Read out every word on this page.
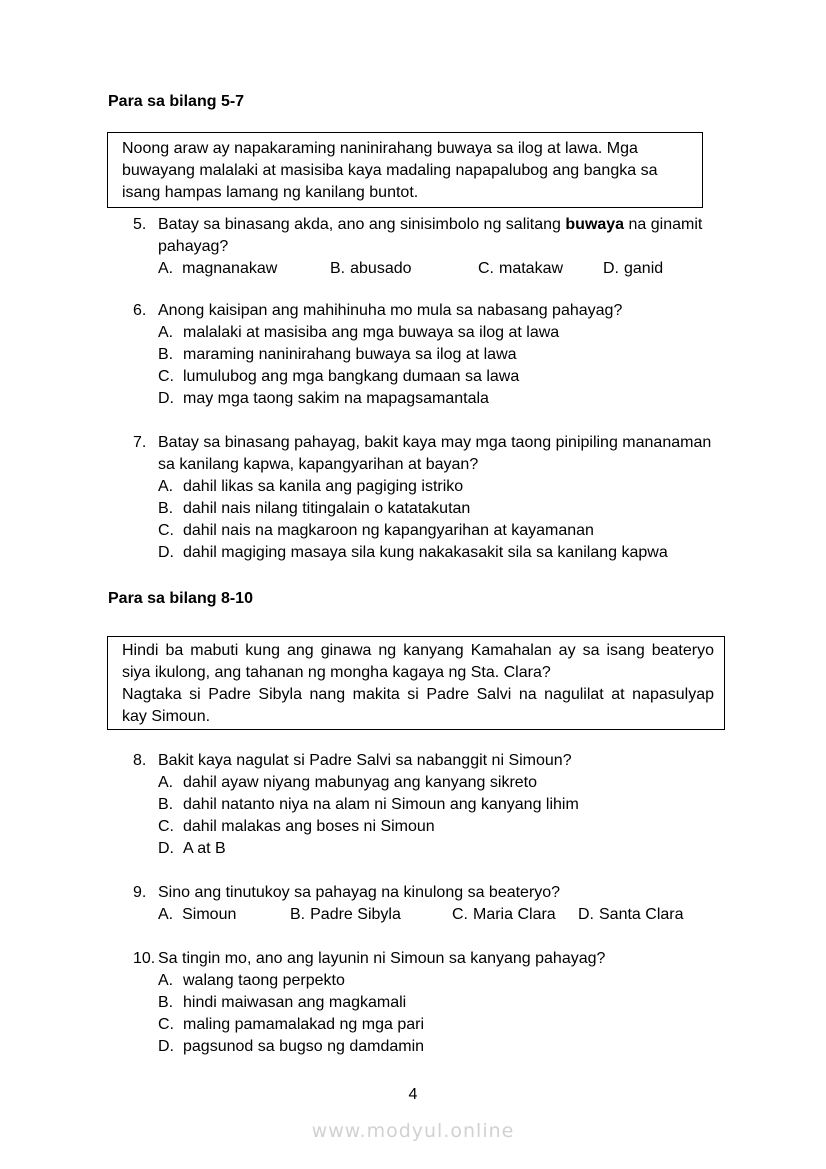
Para sa bilang 5-7
Noong araw ay napakaraming naninirahang buwaya sa ilog at lawa. Mga
buwayang malalaki at masisiba kaya madaling napapalubog ang bangka sa
isang hampas lamang ng kanilang buntot.
5. Batay sa binasang akda, ano ang sinisimbolo ng salitang buwaya na ginamit
pahayag?
A. magnanakaw	B. abusado	C. matakaw	D. ganid
6. Anong kaisipan ang mahihinuha mo mula sa nabasang pahayag?
A. malalaki at masisiba ang mga buwaya sa ilog at lawa
B. maraming naninirahang buwaya sa ilog at lawa
C. lumulubog ang mga bangkang dumaan sa lawa
D. may mga taong sakim na mapagsamantala
7. Batay sa binasang pahayag, bakit kaya may mga taong pinipiling mananaman
sa kanilang kapwa, kapangyarihan at bayan?
A. dahil likas sa kanila ang pagiging istriko
B. dahil nais nilang titingalain o katatakutan
C. dahil nais na magkaroon ng kapangyarihan at kayamanan
D. dahil magiging masaya sila kung nakakasakit sila sa kanilang kapwa
Para sa bilang 8-10
Hindi ba mabuti kung ang ginawa ng kanyang Kamahalan ay sa isang beateryo
siya ikulong, ang tahanan ng mongha kagaya ng Sta. Clara?
Nagtaka si Padre Sibyla nang makita si Padre Salvi na nagulilat at napasulyap
kay Simoun.
8. Bakit kaya nagulat si Padre Salvi sa nabanggit ni Simoun?
A. dahil ayaw niyang mabunyag ang kanyang sikreto
B. dahil natanto niya na alam ni Simoun ang kanyang lihim
C. dahil malakas ang boses ni Simoun
D. A at B
9. Sino ang tinutukoy sa pahayag na kinulong sa beateryo?
A. Simoun	B. Padre Sibyla	C. Maria Clara	D. Santa Clara
10. Sa tingin mo, ano ang layunin ni Simoun sa kanyang pahayag?
A. walang taong perpekto
B. hindi maiwasan ang magkamali
C. maling pamamalakad ng mga pari
D. pagsunod sa bugso ng damdamin
4
www.modyul.online
